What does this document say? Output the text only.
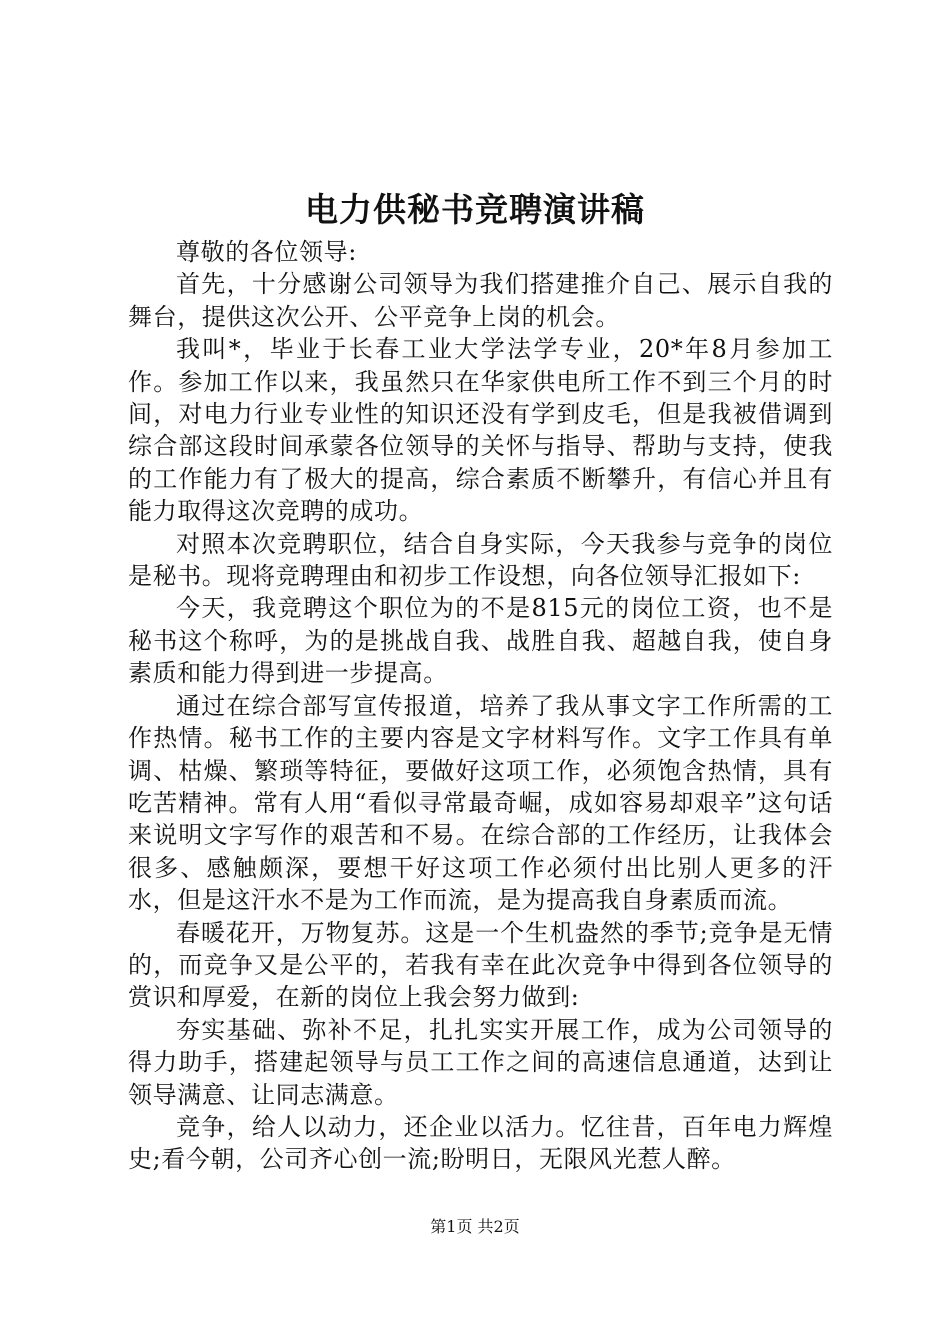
电力供秘书竞聘演讲稿

尊敬的各位领导:

首先，十分感谢公司领导为我们搭建推介自己、展示自我的舞台，提供这次公开、公平竞争上岗的机会。

我叫*，毕业于长春工业大学法学专业，20*年8月参加工作。参加工作以来，我虽然只在华家供电所工作不到三个月的时间，对电力行业专业性的知识还没有学到皮毛，但是我被借调到综合部这段时间承蒙各位领导的关怀与指导、帮助与支持，使我的工作能力有了极大的提高，综合素质不断攀升，有信心并且有能力取得这次竞聘的成功。

对照本次竞聘职位，结合自身实际，今天我参与竞争的岗位是秘书。现将竞聘理由和初步工作设想，向各位领导汇报如下:

今天，我竞聘这个职位为的不是815元的岗位工资，也不是秘书这个称呼，为的是挑战自我、战胜自我、超越自我，使自身素质和能力得到进一步提高。

通过在综合部写宣传报道，培养了我从事文字工作所需的工作热情。秘书工作的主要内容是文字材料写作。文字工作具有单调、枯燥、繁琐等特征，要做好这项工作，必须饱含热情，具有吃苦精神。常有人用“看似寻常最奇崛，成如容易却艰辛”这句话来说明文字写作的艰苦和不易。在综合部的工作经历，让我体会很多、感触颇深，要想干好这项工作必须付出比别人更多的汗水，但是这汗水不是为工作而流，是为提高我自身素质而流。

春暖花开，万物复苏。这是一个生机盎然的季节;竞争是无情的，而竞争又是公平的，若我有幸在此次竞争中得到各位领导的赏识和厚爱，在新的岗位上我会努力做到:

夯实基础、弥补不足，扎扎实实开展工作，成为公司领导的得力助手，搭建起领导与员工工作之间的高速信息通道，达到让领导满意、让同志满意。

竞争，给人以动力，还企业以活力。忆往昔，百年电力辉煌史;看今朝，公司齐心创一流;盼明日，无限风光惹人醉。

第1页 共2页
